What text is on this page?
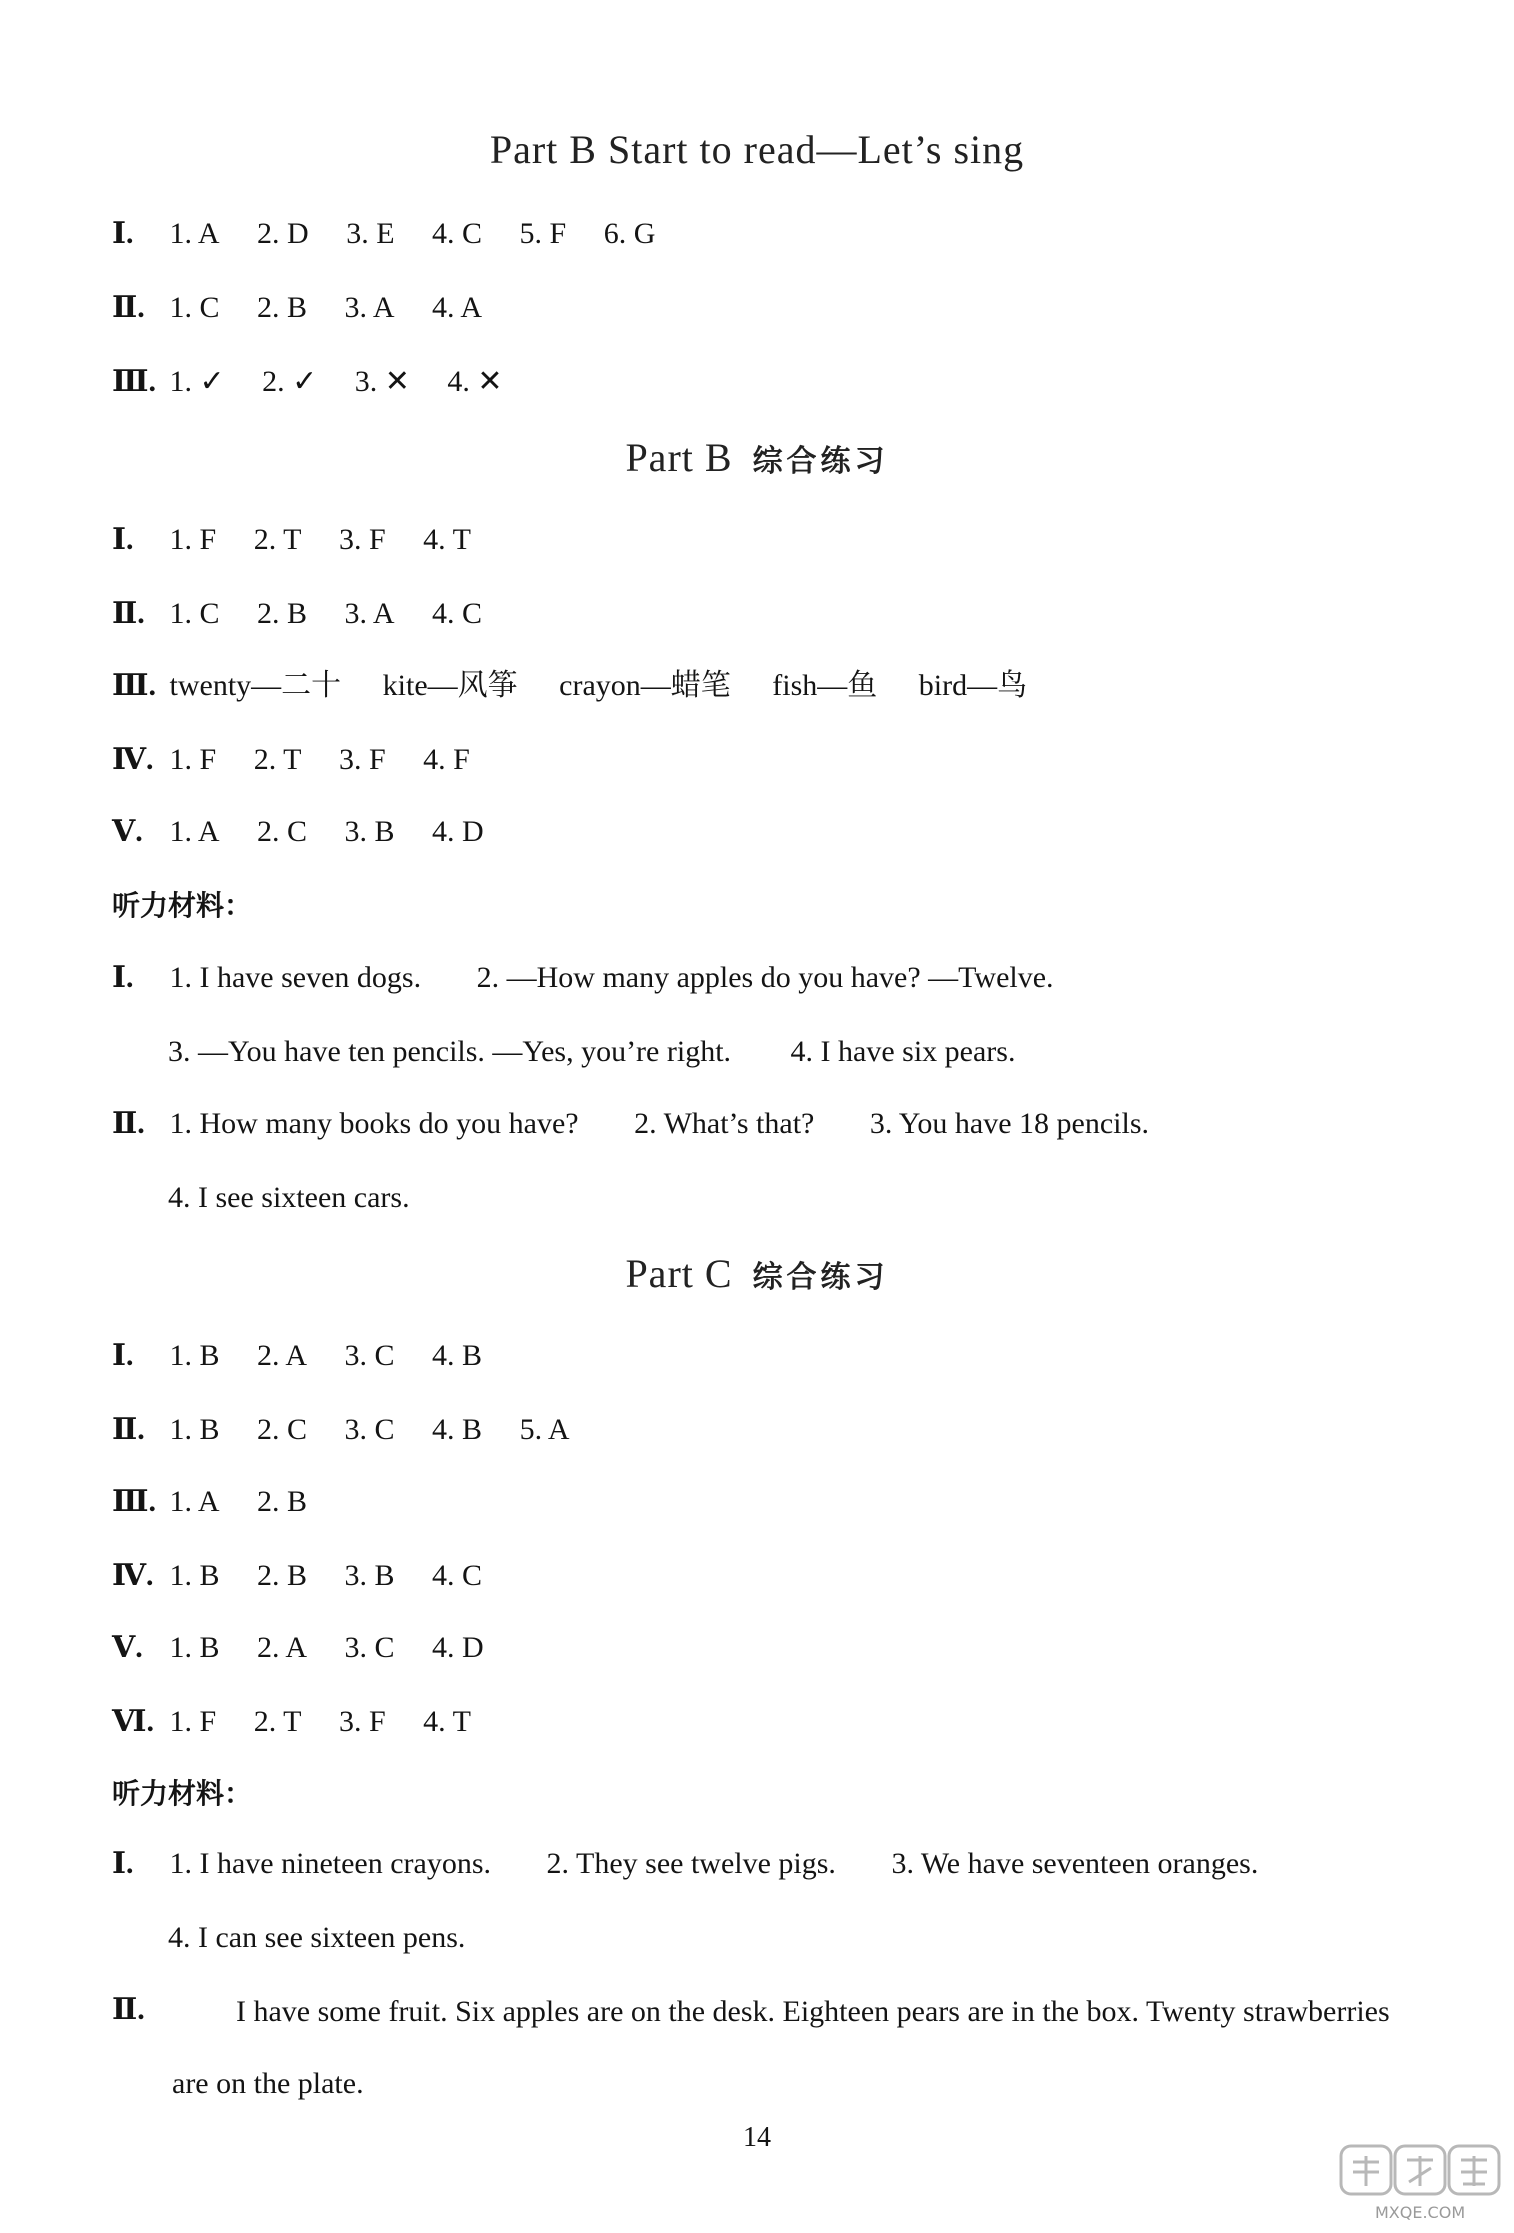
Part B Start to read—Let’s sing
Ⅰ. 1. A 2. D 3. E 4. C 5. F 6. G
Ⅱ. 1. C 2. B 3. A 4. A
Ⅲ. 1. ✓ 2. ✓ 3. ✕ 4. ✕
Part B 综合练习
Ⅰ. 1. F 2. T 3. F 4. T
Ⅱ. 1. C 2. B 3. A 4. C
Ⅲ. twenty—二十 kite—风筝 crayon—蜡笔 fish—鱼 bird—鸟
Ⅳ. 1. F 2. T 3. F 4. F
Ⅴ. 1. A 2. C 3. B 4. D
听力材料：
Ⅰ. 1. I have seven dogs. 2. —How many apples do you have? —Twelve.
3. —You have ten pencils. —Yes, you’re right. 4. I have six pears.
Ⅱ. 1. How many books do you have? 2. What’s that? 3. You have 18 pencils.
4. I see sixteen cars.
Part C 综合练习
Ⅰ. 1. B 2. A 3. C 4. B
Ⅱ. 1. B 2. C 3. C 4. B 5. A
Ⅲ. 1. A 2. B
Ⅳ. 1. B 2. B 3. B 4. C
Ⅴ. 1. B 2. A 3. C 4. D
Ⅵ. 1. F 2. T 3. F 4. T
听力材料：
Ⅰ. 1. I have nineteen crayons. 2. They see twelve pigs. 3. We have seventeen oranges.
4. I can see sixteen pens.
Ⅱ.	I have some fruit. Six apples are on the desk. Eighteen pears are in the box. Twenty strawberries are on the plate.
14
MXQE.COM
